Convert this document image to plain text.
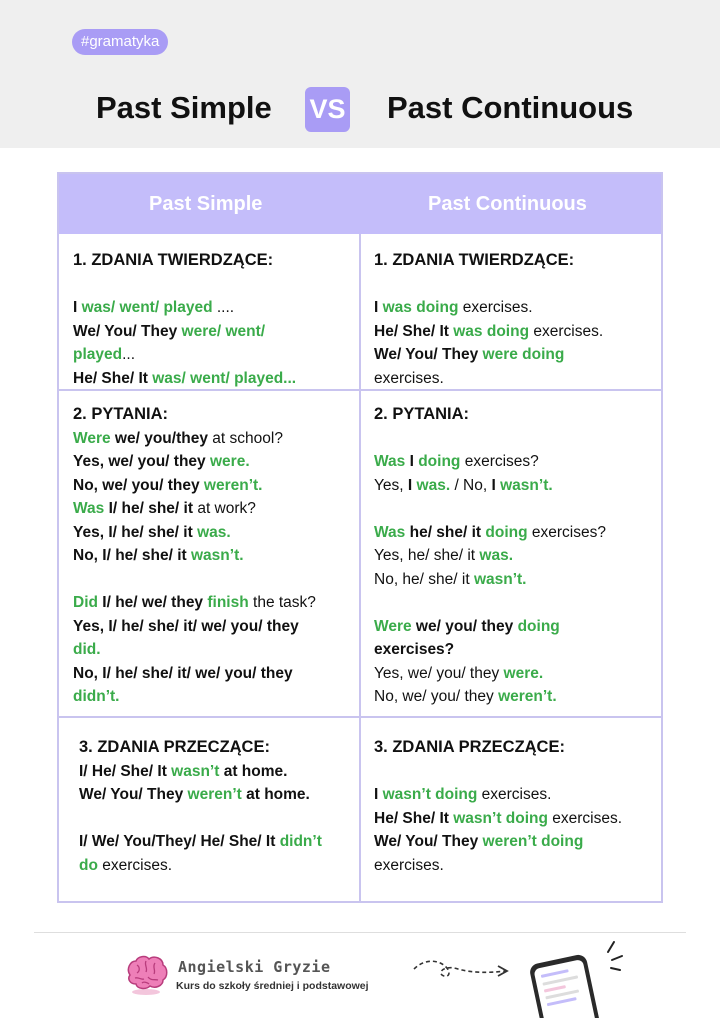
#gramatyka
Past Simple VS Past Continuous
Past Simple	Past Continuous
1. ZDANIA TWIERDZĄCE:
I was/ went/ played ....
We/ You/ They were/ went/
played...
He/ She/ It was/ went/ played...
1. ZDANIA TWIERDZĄCE:
I was doing exercises.
He/ She/ It was doing exercises.
We/ You/ They were doing
exercises.
2. PYTANIA:
Were we/ you/they at school?
Yes, we/ you/ they were.
No, we/ you/ they weren’t.
Was I/ he/ she/ it at work?
Yes, I/ he/ she/ it was.
No, I/ he/ she/ it wasn’t.
Did I/ he/ we/ they finish the task?
Yes, I/ he/ she/ it/ we/ you/ they
did.
No, I/ he/ she/ it/ we/ you/ they
didn’t.
2. PYTANIA:
Was I doing exercises?
Yes, I was. / No, I wasn’t.
Was he/ she/ it doing exercises?
Yes, he/ she/ it was.
No, he/ she/ it wasn’t.
Were we/ you/ they doing
exercises?
Yes, we/ you/ they were.
No, we/ you/ they weren’t.
3. ZDANIA PRZECZĄCE:
I/ He/ She/ It wasn’t at home.
We/ You/ They weren’t at home.
I/ We/ You/They/ He/ She/ It didn’t
do exercises.
3. ZDANIA PRZECZĄCE:
I wasn’t doing exercises.
He/ She/ It wasn’t doing exercises.
We/ You/ They weren’t doing
exercises.
Angielski Gryzie
Kurs do szkoły średniej i podstawowej
